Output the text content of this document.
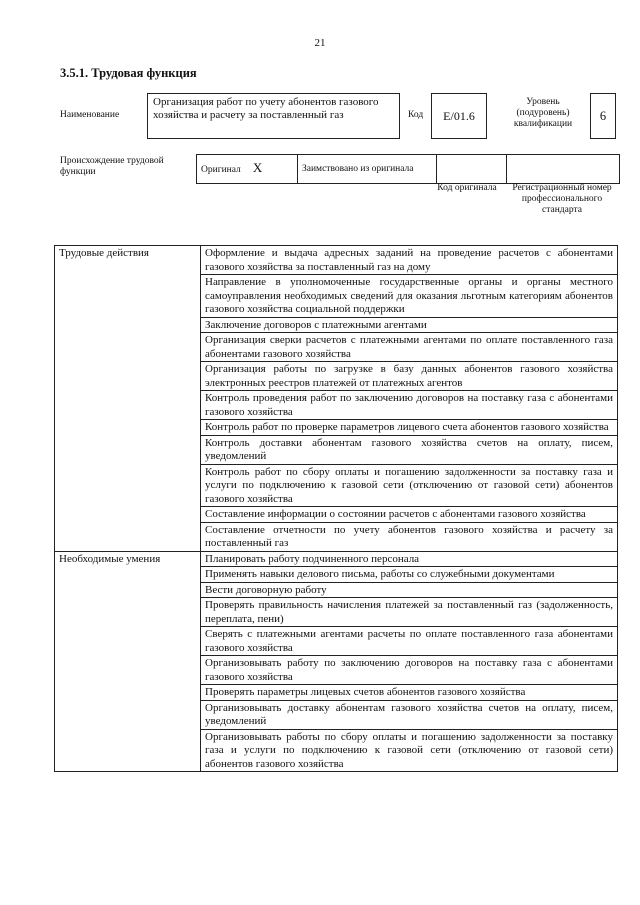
21
3.5.1. Трудовая функция
Наименование
Организация работ по учету абонентов газового хозяйства и расчету за поставленный газ	Код	E/01.6
Уровень (подуровень) квалификации
6
Происхождение трудовой функции	Оригинал X	Заимствовано из оригинала		
Код оригинала	Регистрационный номер профессионального стандарта
Трудовые действия	Оформление и выдача адресных заданий на проведение расчетов с абонентами газового хозяйства за поставленный газ на дому
	Направление в уполномоченные государственные органы и органы местного самоуправления необходимых сведений для оказания льготным категориям абонентов газового хозяйства социальной поддержки
	Заключение договоров с платежными агентами
	Организация сверки расчетов с платежными агентами по оплате поставленного газа абонентами газового хозяйства
	Организация работы по загрузке в базу данных абонентов газового хозяйства электронных реестров платежей от платежных агентов
	Контроль проведения работ по заключению договоров на поставку газа с абонентами газового хозяйства
	Контроль работ по проверке параметров лицевого счета абонентов газового хозяйства
	Контроль доставки абонентам газового хозяйства счетов на оплату, писем, уведомлений
	Контроль работ по сбору оплаты и погашению задолженности за поставку газа и услуги по подключению к газовой сети (отключению от газовой сети) абонентов газового хозяйства
	Составление информации о состоянии расчетов с абонентами газового хозяйства
	Составление отчетности по учету абонентов газового хозяйства и расчету за поставленный газ
Необходимые умения	Планировать работу подчиненного персонала
	Применять навыки делового письма, работы со служебными документами
	Вести договорную работу
	Проверять правильность начисления платежей за поставленный газ (задолженность, переплата, пени)
	Сверять с платежными агентами расчеты по оплате поставленного газа абонентами газового хозяйства
	Организовывать работу по заключению договоров на поставку газа с абонентами газового хозяйства
	Проверять параметры лицевых счетов абонентов газового хозяйства
	Организовывать доставку абонентам газового хозяйства счетов на оплату, писем, уведомлений
	Организовывать работы по сбору оплаты и погашению задолженности за поставку газа и услуги по подключению к газовой сети (отключению от газовой сети) абонентов газового хозяйства
